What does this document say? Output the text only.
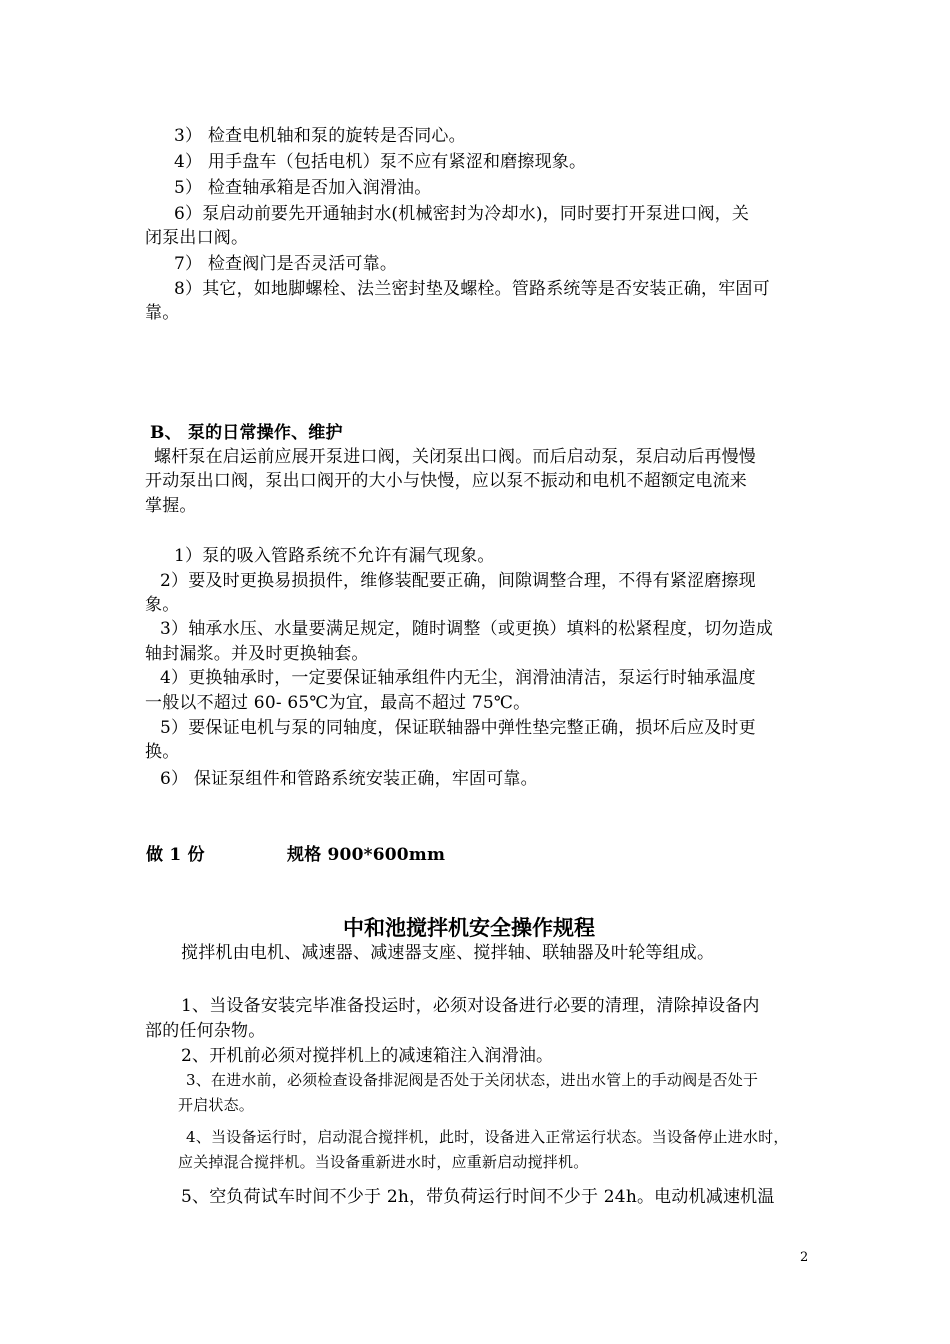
3） 检查电机轴和泵的旋转是否同心。
4） 用手盘车（包括电机）泵不应有紧涩和磨擦现象。
5） 检查轴承箱是否加入润滑油。
6）泵启动前要先开通轴封水(机械密封为冷却水)，同时要打开泵进口阀，关
闭泵出口阀。
7） 检查阀门是否灵活可靠。
8）其它，如地脚螺栓、法兰密封垫及螺栓。管路系统等是否安装正确，牢固可
靠。
B、 泵的日常操作、维护
螺杆泵在启运前应展开泵进口阀，关闭泵出口阀。而后启动泵，泵启动后再慢慢
开动泵出口阀，泵出口阀开的大小与快慢，应以泵不振动和电机不超额定电流来
掌握。
1）泵的吸入管路系统不允许有漏气现象。
2）要及时更换易损损件，维修装配要正确，间隙调整合理，不得有紧涩磨擦现
象。
3）轴承水压、水量要满足规定，随时调整（或更换）填料的松紧程度，切勿造成
轴封漏浆。并及时更换轴套。
4）更换轴承时，一定要保证轴承组件内无尘，润滑油清洁，泵运行时轴承温度
一般以不超过 60- 65℃为宜，最高不超过 75℃。
5）要保证电机与泵的同轴度，保证联轴器中弹性垫完整正确，损坏后应及时更
换。
6） 保证泵组件和管路系统安装正确，牢固可靠。
做 1 份	规格 900*600mm
中和池搅拌机安全操作规程
搅拌机由电机、减速器、减速器支座、搅拌轴、联轴器及叶轮等组成。
1、当设备安装完毕准备投运时，必须对设备进行必要的清理，清除掉设备内
部的任何杂物。
2、开机前必须对搅拌机上的减速箱注入润滑油。
3、在进水前，必须检查设备排泥阀是否处于关闭状态，进出水管上的手动阀是否处于
开启状态。
4、当设备运行时，启动混合搅拌机，此时，设备进入正常运行状态。当设备停止进水时，
应关掉混合搅拌机。当设备重新进水时，应重新启动搅拌机。
5、空负荷试车时间不少于 2h，带负荷运行时间不少于 24h。电动机减速机温
2
